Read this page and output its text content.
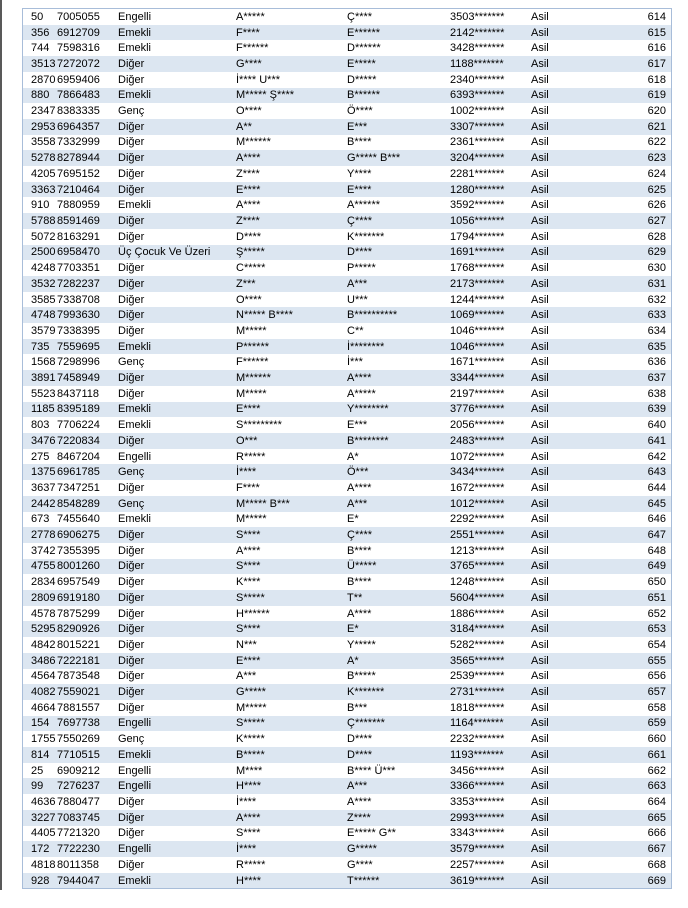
50	7005055	Engelli	A*****	Ç****	3503*******	Asil	614
356 6912709	Emekli	F****	E******	2142*******	Asil	615
744 7598316	Emekli	F******	D******	3428*******	Asil	616
3513 7272072	Diğer	G****	E*****	1188*******	Asil	617
2870 6959406	Diğer	İ**** U***	D*****	2340*******	Asil	618
880 7866483	Emekli	M***** Ş****	B******	6393*******	Asil	619
2347 8383335	Genç	O****	Ö****	1002*******	Asil	620
2953 6964357	Diğer	A**	E***	3307*******	Asil	621
3558 7332999	Diğer	M******	B****	2361*******	Asil	622
5278 8278944	Diğer	A****	G***** B***	3204*******	Asil	623
4205 7695152	Diğer	Z****	Y****	2281*******	Asil	624
3363 7210464	Diğer	E****	E****	1280*******	Asil	625
910 7880959	Emekli	A****	A******	3592*******	Asil	626
5788 8591469	Diğer	Z****	Ç****	1056*******	Asil	627
5072 8163291	Diğer	D****	K*******	1794*******	Asil	628
2500 6958470	Üç Çocuk Ve Üzeri	Ş*****	D****	1691*******	Asil	629
4248 7703351	Diğer	C*****	P*****	1768*******	Asil	630
3532 7282237	Diğer	Z***	A***	2173*******	Asil	631
3585 7338708	Diğer	O****	U***	1244*******	Asil	632
4748 7993630	Diğer	N***** B****	B**********	1069*******	Asil	633
3579 7338395	Diğer	M*****	C**	1046*******	Asil	634
735 7559695	Emekli	P******	İ********	1046*******	Asil	635
1568 7298996	Genç	F******	İ***	1671*******	Asil	636
3891 7458949	Diğer	M******	A****	3344*******	Asil	637
5523 8437118	Diğer	M*****	A*****	2197*******	Asil	638
1185 8395189	Emekli	E****	Y********	3776*******	Asil	639
803 7706224	Emekli	S*********	E***	2056*******	Asil	640
3476 7220834	Diğer	O***	B********	2483*******	Asil	641
275 8467204	Engelli	R*****	A*	1072*******	Asil	642
1375 6961785	Genç	İ****	Ö***	3434*******	Asil	643
3637 7347251	Diğer	F****	A****	1672*******	Asil	644
2442 8548289	Genç	M***** B***	A***	1012*******	Asil	645
673 7455640	Emekli	M*****	E*	2292*******	Asil	646
2778 6906275	Diğer	S****	Ç****	2551*******	Asil	647
3742 7355395	Diğer	A****	B****	1213*******	Asil	648
4755 8001260	Diğer	S****	Ü*****	3765*******	Asil	649
2834 6957549	Diğer	K****	B****	1248*******	Asil	650
2809 6919180	Diğer	S*****	T**	5604*******	Asil	651
4578 7875299	Diğer	H******	A****	1886*******	Asil	652
5295 8290926	Diğer	S****	E*	3184*******	Asil	653
4842 8015221	Diğer	N***	Y*****	5282*******	Asil	654
3486 7222181	Diğer	E****	A*	3565*******	Asil	655
4564 7873548	Diğer	A***	B*****	2539*******	Asil	656
4082 7559021	Diğer	G*****	K*******	2731*******	Asil	657
4664 7881557	Diğer	M*****	B***	1818*******	Asil	658
154 7697738	Engelli	S*****	Ç*******	1164*******	Asil	659
1755 7550269	Genç	K*****	D****	2232*******	Asil	660
814 7710515	Emekli	B*****	D****	1193*******	Asil	661
25	6909212	Engelli	M****	B**** Ü***	3456*******	Asil	662
99	7276237	Engelli	H****	A***	3366*******	Asil	663
4636 7880477	Diğer	İ****	A****	3353*******	Asil	664
3227 7083745	Diğer	A****	Z****	2993*******	Asil	665
4405 7721320	Diğer	S****	E***** G**	3343*******	Asil	666
172 7722230	Engelli	İ****	G*****	3579*******	Asil	667
4818 8011358	Diğer	R*****	G****	2257*******	Asil	668
928 7944047	Emekli	H****	T******	3619*******	Asil	669
